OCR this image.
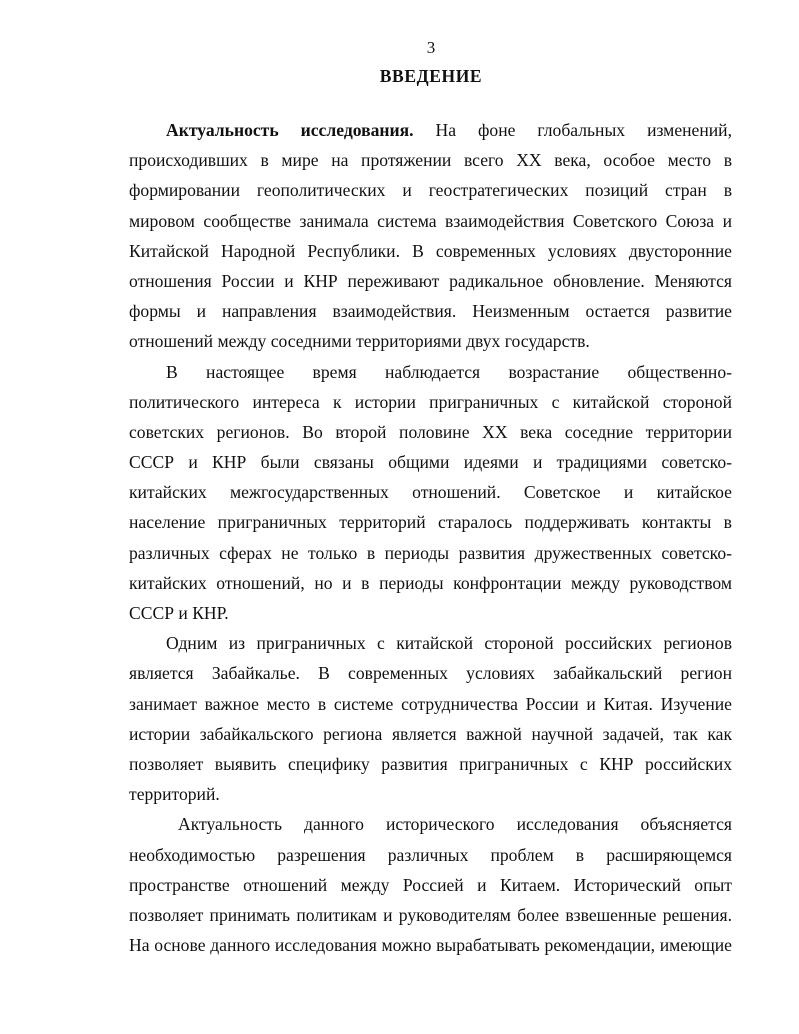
3
ВВЕДЕНИЕ
Актуальность исследования. На фоне глобальных изменений,
происходивших в мире на протяжении всего XX века, особое место в
формировании геополитических и геостратегических позиций стран в
мировом сообществе занимала система взаимодействия Советского Союза и
Китайской Народной Республики. В современных условиях двусторонние
отношения России и КНР переживают радикальное обновление. Меняются
формы и направления взаимодействия. Неизменным остается развитие
отношений между соседними территориями двух государств.
В настоящее время наблюдается возрастание общественно-
политического интереса к истории приграничных с китайской стороной
советских регионов. Во второй половине XX века соседние территории
СССР и КНР были связаны общими идеями и традициями советско-
китайских межгосударственных отношений. Советское и китайское
население приграничных территорий старалось поддерживать контакты в
различных сферах не только в периоды развития дружественных советско-
китайских отношений, но и в периоды конфронтации между руководством
СССР и КНР.
Одним из приграничных с китайской стороной российских регионов
является Забайкалье. В современных условиях забайкальский регион
занимает важное место в системе сотрудничества России и Китая. Изучение
истории забайкальского региона является важной научной задачей, так как
позволяет выявить специфику развития приграничных с КНР российских
территорий.
Актуальность данного исторического исследования объясняется
необходимостью разрешения различных проблем в расширяющемся
пространстве отношений между Россией и Китаем. Исторический опыт
позволяет принимать политикам и руководителям более взвешенные решения.
На основе данного исследования можно вырабатывать рекомендации, имеющие
